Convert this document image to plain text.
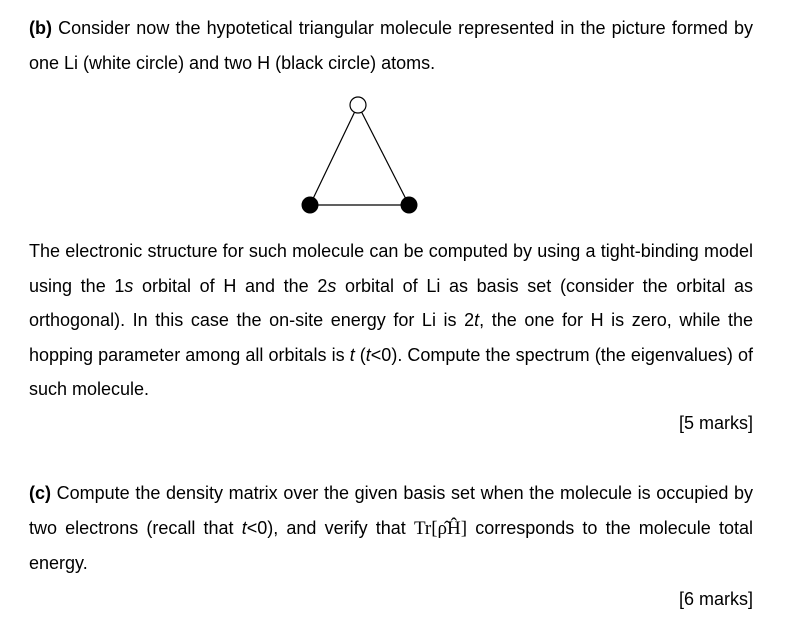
(b) Consider now the hypotetical triangular molecule represented in the picture formed by one Li (white circle) and two H (black circle) atoms.
The electronic structure for such molecule can be computed by using a tight-binding model using the 1s orbital of H and the 2s orbital of Li as basis set (consider the orbital as orthogonal). In this case the on-site energy for Li is 2t, the one for H is zero, while the hopping parameter among all orbitals is t (t<0). Compute the spectrum (the eigenvalues) of such molecule.
[5 marks]
(c) Compute the density matrix over the given basis set when the molecule is occupied by two electrons (recall that t<0), and verify that Tr[ρ̂Ĥ] corresponds to the molecule total energy.
[6 marks]
